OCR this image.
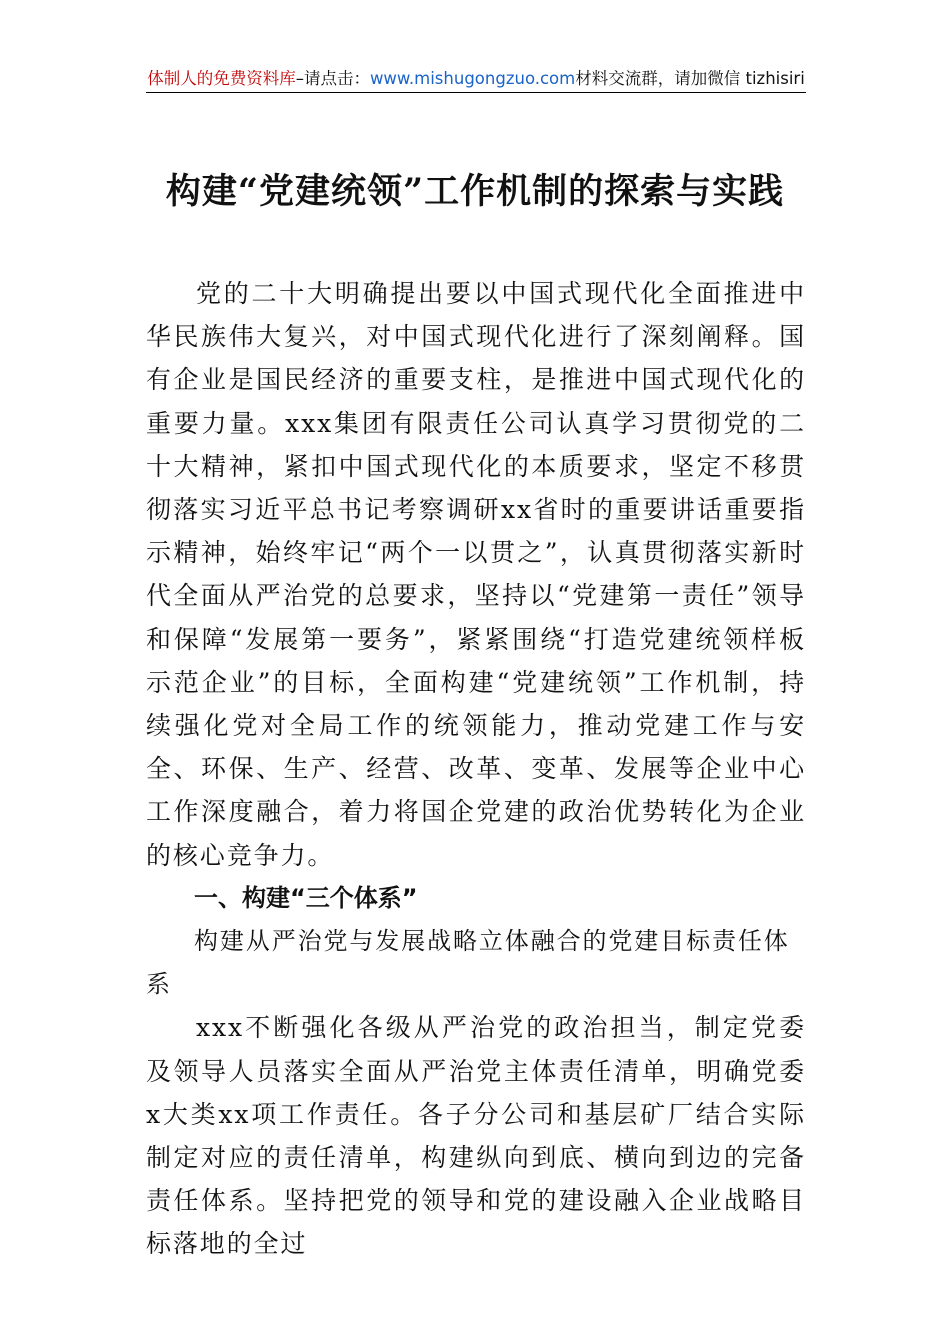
体制人的免费资料库–请点击：www.mishugongzuo.com材料交流群，请加微信 tizhisiri
构建“党建统领”工作机制的探索与实践

党的二十大明确提出要以中国式现代化全面推进中华民族伟大复兴，对中国式现代化进行了深刻阐释。国有企业是国民经济的重要支柱，是推进中国式现代化的重要力量。xxx集团有限责任公司认真学习贯彻党的二十大精神，紧扣中国式现代化的本质要求，坚定不移贯彻落实习近平总书记考察调研xx省时的重要讲话重要指示精神，始终牢记“两个一以贯之”，认真贯彻落实新时代全面从严治党的总要求，坚持以“党建第一责任”领导和保障“发展第一要务”，紧紧围绕“打造党建统领样板示范企业”的目标，全面构建“党建统领”工作机制，持续强化党对全局工作的统领能力，推动党建工作与安全、环保、生产、经营、改革、变革、发展等企业中心工作深度融合，着力将国企党建的政治优势转化为企业的核心竞争力。

一、构建“三个体系”

构建从严治党与发展战略立体融合的党建目标责任体系

xxx不断强化各级从严治党的政治担当，制定党委及领导人员落实全面从严治党主体责任清单，明确党委x大类xx项工作责任。各子分公司和基层矿厂结合实际制定对应的责任清单，构建纵向到底、横向到边的完备责任体系。坚持把党的领导和党的建设融入企业战略目标落地的全过
